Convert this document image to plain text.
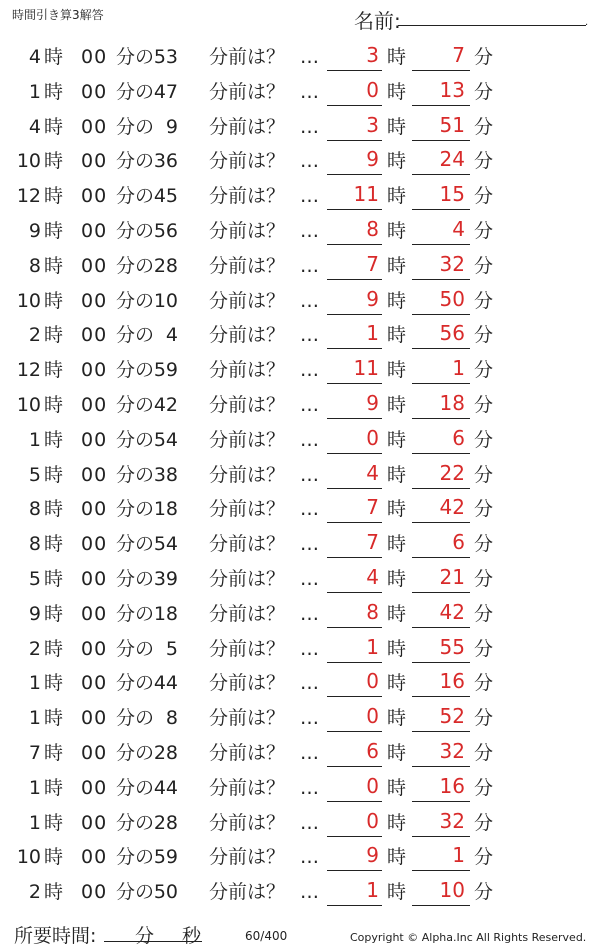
時間引き算3解答	名前:	.
4 時 00 分の 53 分前は？ …	3 時	7 分
1 時 00 分の 47 分前は？ …	0 時	13 分
4 時 00 分の 9 分前は？ …	3 時	51 分
10 時 00 分の 36 分前は？ …	9 時	24 分
12 時 00 分の 45 分前は？ …	11 時	15 分
9 時 00 分の 56 分前は？ …	8 時	4 分
8 時 00 分の 28 分前は？ …	7 時	32 分
10 時 00 分の 10 分前は？ …	9 時	50 分
2 時 00 分の 4 分前は？ …	1 時	56 分
12 時 00 分の 59 分前は？ …	11 時	1 分
10 時 00 分の 42 分前は？ …	9 時	18 分
1 時 00 分の 54 分前は？ …	0 時	6 分
5 時 00 分の 38 分前は？ …	4 時	22 分
8 時 00 分の 18 分前は？ …	7 時	42 分
8 時 00 分の 54 分前は？ …	7 時	6 分
5 時 00 分の 39 分前は？ …	4 時	21 分
9 時 00 分の 18 分前は？ …	8 時	42 分
2 時 00 分の 5 分前は？ …	1 時	55 分
1 時 00 分の 44 分前は？ …	0 時	16 分
1 時 00 分の 8 分前は？ …	0 時	52 分
7 時 00 分の 28 分前は？ …	6 時	32 分
1 時 00 分の 44 分前は？ …	0 時	16 分
1 時 00 分の 28 分前は？ …	0 時	32 分
10 時 00 分の 59 分前は？ …	9 時	1 分
2 時 00 分の 50 分前は？ …	1 時	10 分
所要時間: 分 秒	60/400	Copyright © Alpha.Inc All Rights Reserved.
